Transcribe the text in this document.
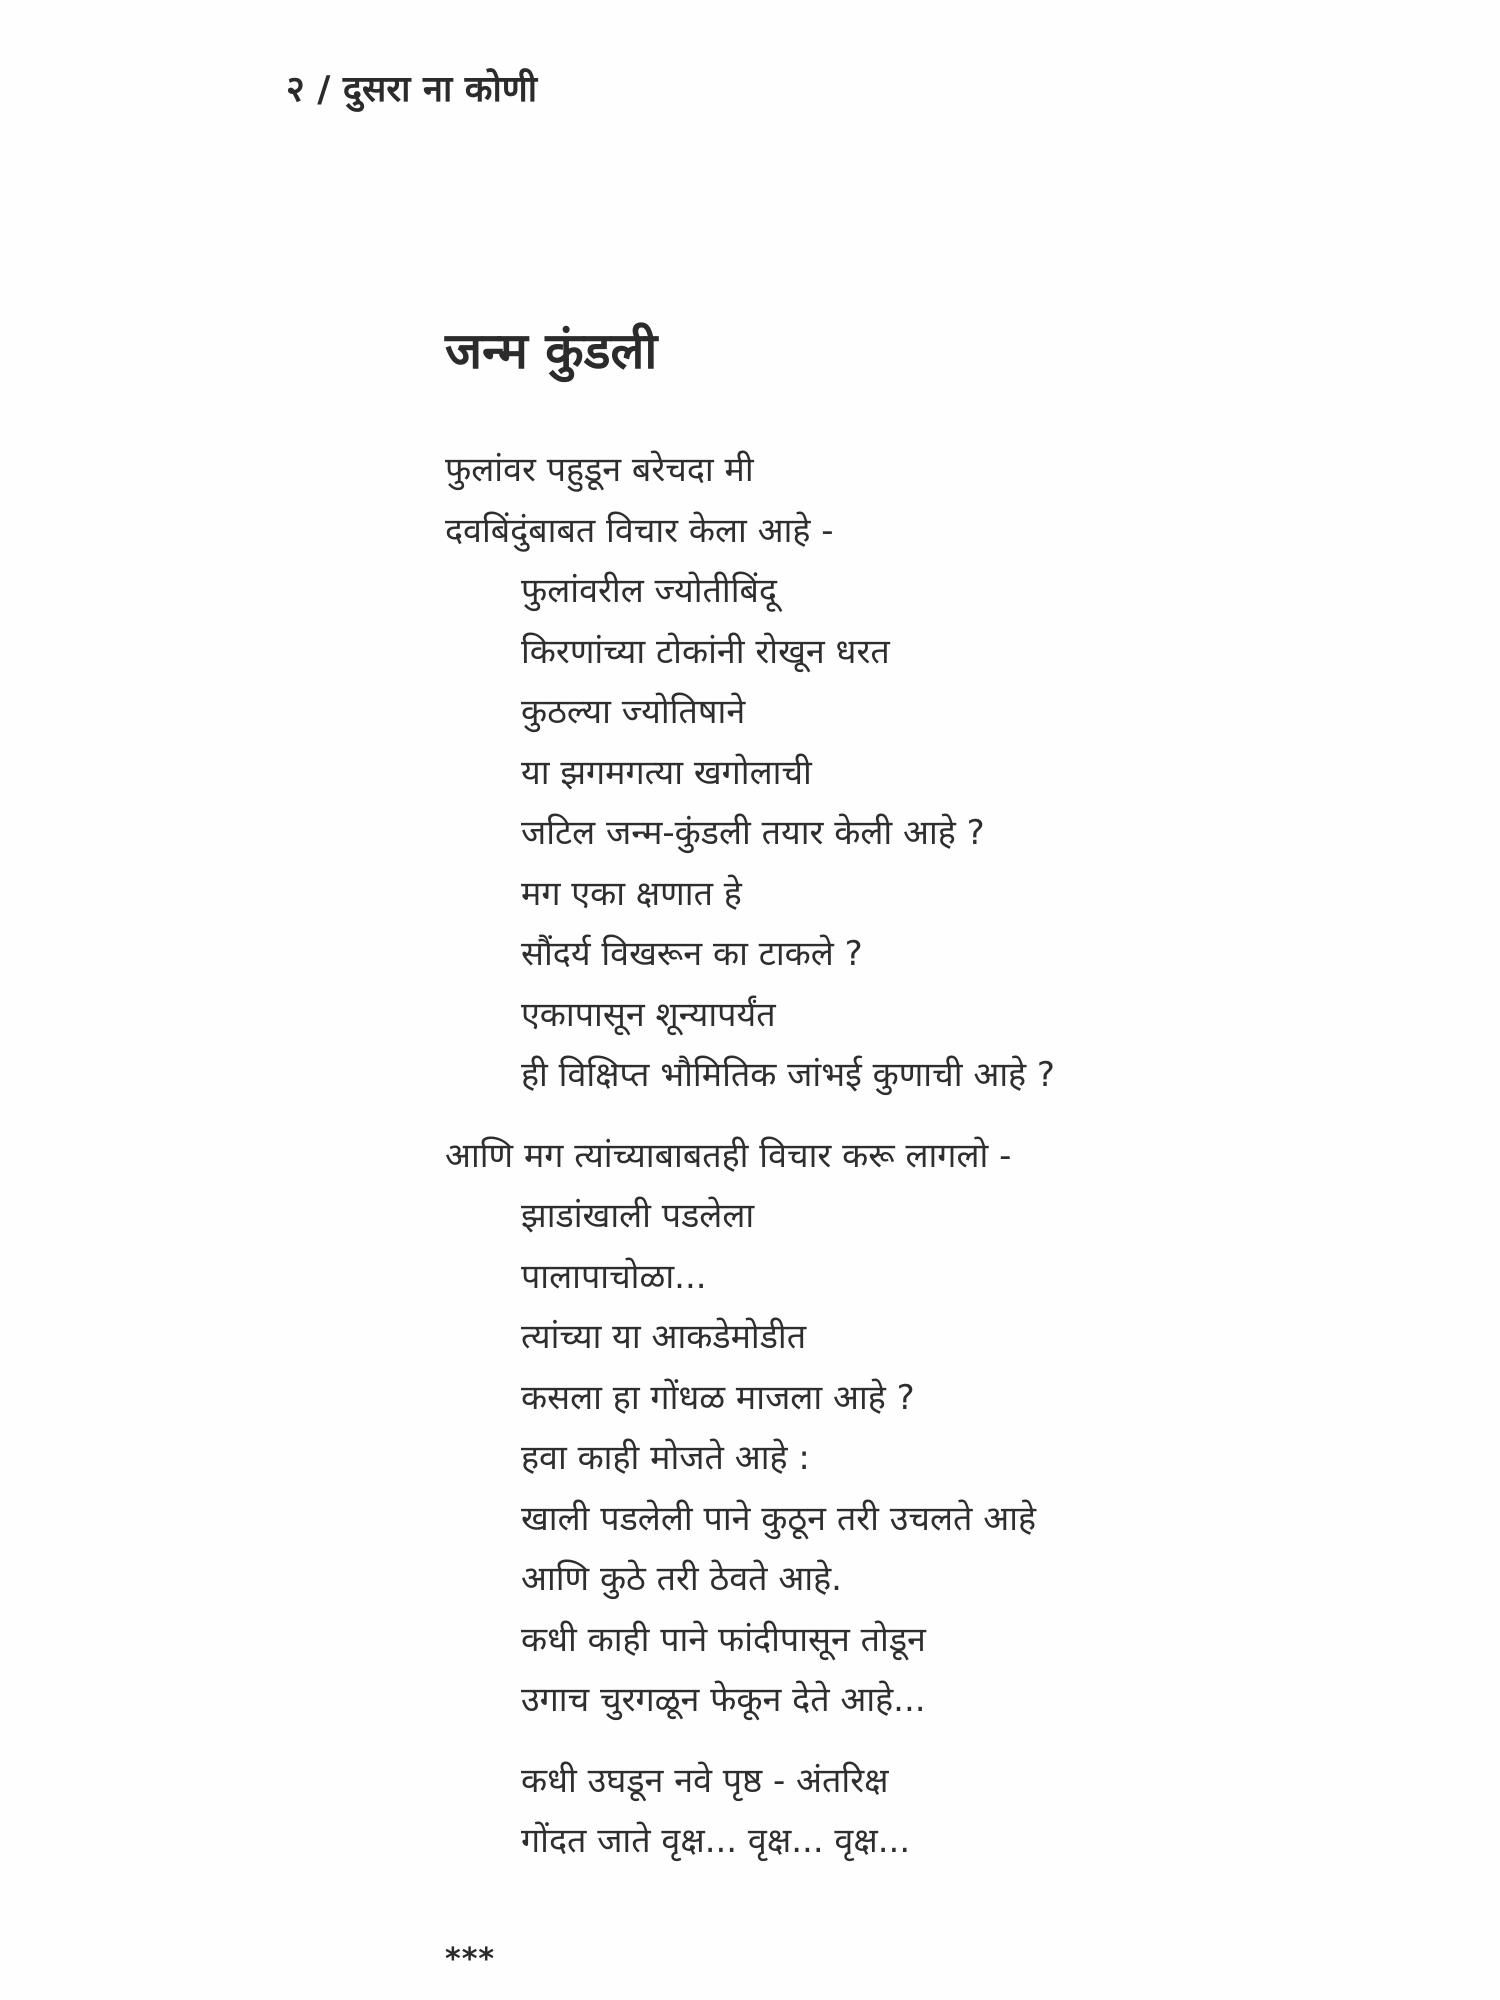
२ / दुसरा ना कोणी
जन्म कुंडली
फुलांवर पहुडून बरेचदा मी
दवबिंदुंबाबत विचार केला आहे -
फुलांवरील ज्योतीबिंदू
किरणांच्या टोकांनी रोखून धरत
कुठल्या ज्योतिषाने
या झगमगत्या खगोलाची
जटिल जन्म-कुंडली तयार केली आहे ?
मग एका क्षणात हे
सौंदर्य विखरून का टाकले ?
एकापासून शून्यापर्यंत
ही विक्षिप्त भौमितिक जांभई कुणाची आहे ?
आणि मग त्यांच्याबाबतही विचार करू लागलो -
झाडांखाली पडलेला
पालापाचोळा...
त्यांच्या या आकडेमोडीत
कसला हा गोंधळ माजला आहे ?
हवा काही मोजते आहे :
खाली पडलेली पाने कुठून तरी उचलते आहे
आणि कुठे तरी ठेवते आहे.
कधी काही पाने फांदीपासून तोडून
उगाच चुरगळून फेकून देते आहे...
कधी उघडून नवे पृष्ठ - अंतरिक्ष
गोंदत जाते वृक्ष... वृक्ष... वृक्ष...
***
